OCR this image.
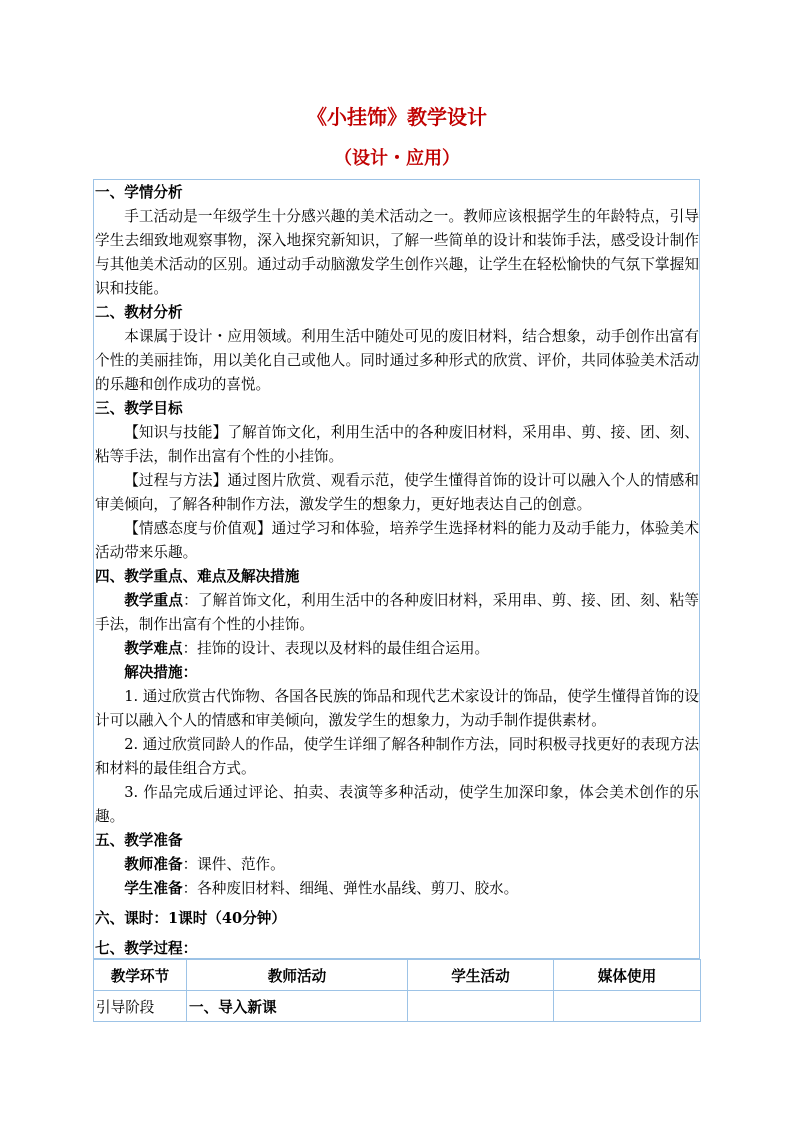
《小挂饰》教学设计
（设计・应用）
一、学情分析
手工活动是一年级学生十分感兴趣的美术活动之一。教师应该根据学生的年龄特点，引导学生去细致地观察事物，深入地探究新知识，了解一些简单的设计和装饰手法，感受设计制作与其他美术活动的区别。通过动手动脑激发学生创作兴趣，让学生在轻松愉快的气氛下掌握知识和技能。
二、教材分析
本课属于设计・应用领域。利用生活中随处可见的废旧材料，结合想象，动手创作出富有个性的美丽挂饰，用以美化自己或他人。同时通过多种形式的欣赏、评价，共同体验美术活动的乐趣和创作成功的喜悦。
三、教学目标
【知识与技能】了解首饰文化，利用生活中的各种废旧材料，采用串、剪、接、团、刻、粘等手法，制作出富有个性的小挂饰。
【过程与方法】通过图片欣赏、观看示范，使学生懂得首饰的设计可以融入个人的情感和审美倾向，了解各种制作方法，激发学生的想象力，更好地表达自己的创意。
【情感态度与价值观】通过学习和体验，培养学生选择材料的能力及动手能力，体验美术活动带来乐趣。
四、教学重点、难点及解决措施
教学重点：了解首饰文化，利用生活中的各种废旧材料，采用串、剪、接、团、刻、粘等手法，制作出富有个性的小挂饰。
教学难点：挂饰的设计、表现以及材料的最佳组合运用。
解决措施：
1. 通过欣赏古代饰物、各国各民族的饰品和现代艺术家设计的饰品，使学生懂得首饰的设计可以融入个人的情感和审美倾向，激发学生的想象力，为动手制作提供素材。
2. 通过欣赏同龄人的作品，使学生详细了解各种制作方法，同时积极寻找更好的表现方法和材料的最佳组合方式。
3. 作品完成后通过评论、拍卖、表演等多种活动，使学生加深印象，体会美术创作的乐趣。
五、教学准备
教师准备：课件、范作。
学生准备：各种废旧材料、细绳、弹性水晶线、剪刀、胶水。
六、课时：1课时（40分钟）
七、教学过程：
教学环节	教师活动	学生活动	媒体使用
引导阶段	一、导入新课		
